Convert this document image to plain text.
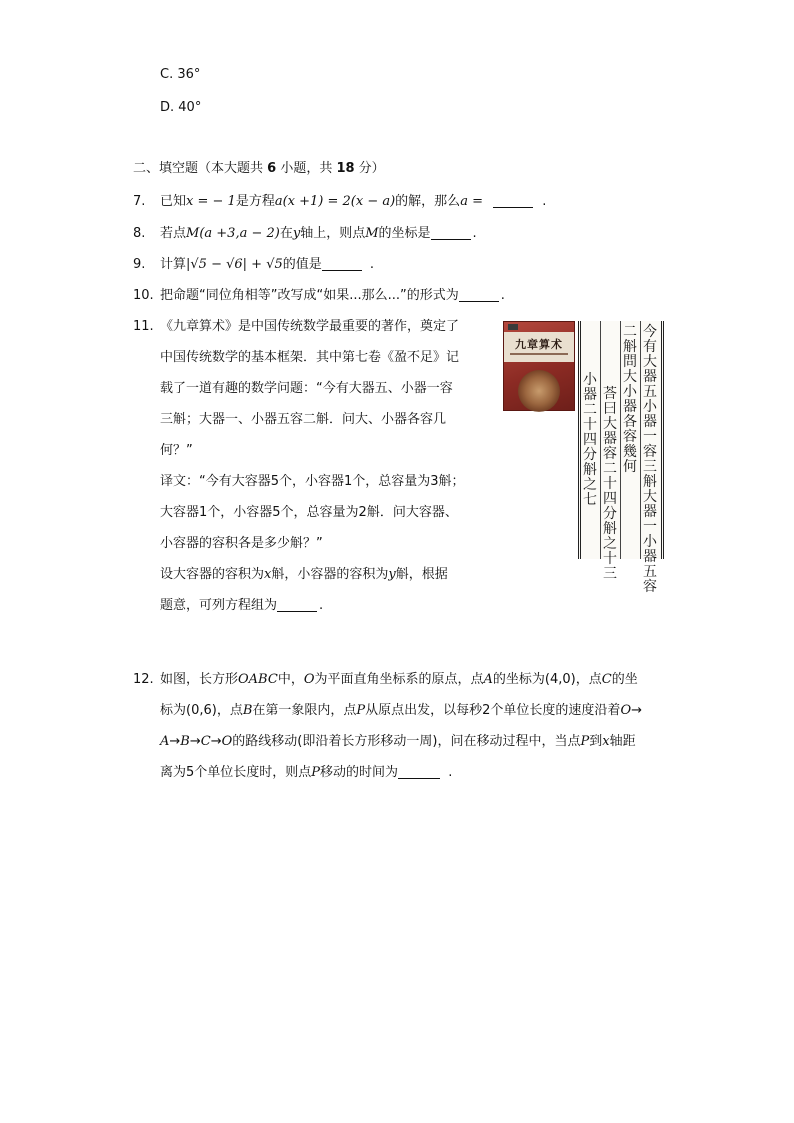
C. 36°
D. 40°
二、填空题（本大题共 6 小题，共 18 分）
7. 已知x = − 1是方程a(x +1) = 2(x − a)的解，那么a =	.
8. 若点M(a +3,a − 2)在y轴上，则点M的坐标是	.
9. 计算|√5 − √6| + √5的值是	.
10. 把命题“同位角相等”改写成“如果...那么...”的形式为	.
11. 《九章算术》是中国传统数学最重要的著作，奠定了
中国传统数学的基本框架．其中第七卷《盈不足》记
载了一道有趣的数学问题：“今有大器五、小器一容
三斛；大器一、小器五容二斛．问大、小器各容几
何？”
译文：“今有大容器5个，小容器1个，总容量为3斛；
大容器1个，小容器5个，总容量为2斛．问大容器、
小容器的容积各是多少斛？”
设大容器的容积为x斛，小容器的容积为y斛，根据
题意，可列方程组为	.
九章算术
今有大器五小器一容三斛大器一小器五容
二斛問大小器各容幾何
荅曰大器容二十四分斛之十三
小器二十四分斛之七
12. 如图，长方形OABC中，O为平面直角坐标系的原点，点A的坐标为(4,0)，点C的坐
标为(0,6)，点B在第一象限内，点P从原点出发，以每秒2个单位长度的速度沿着O→
A→B→C→O的路线移动(即沿着长方形移动一周)，问在移动过程中，当点P到x轴距
离为5个单位长度时，则点P移动的时间为	.
